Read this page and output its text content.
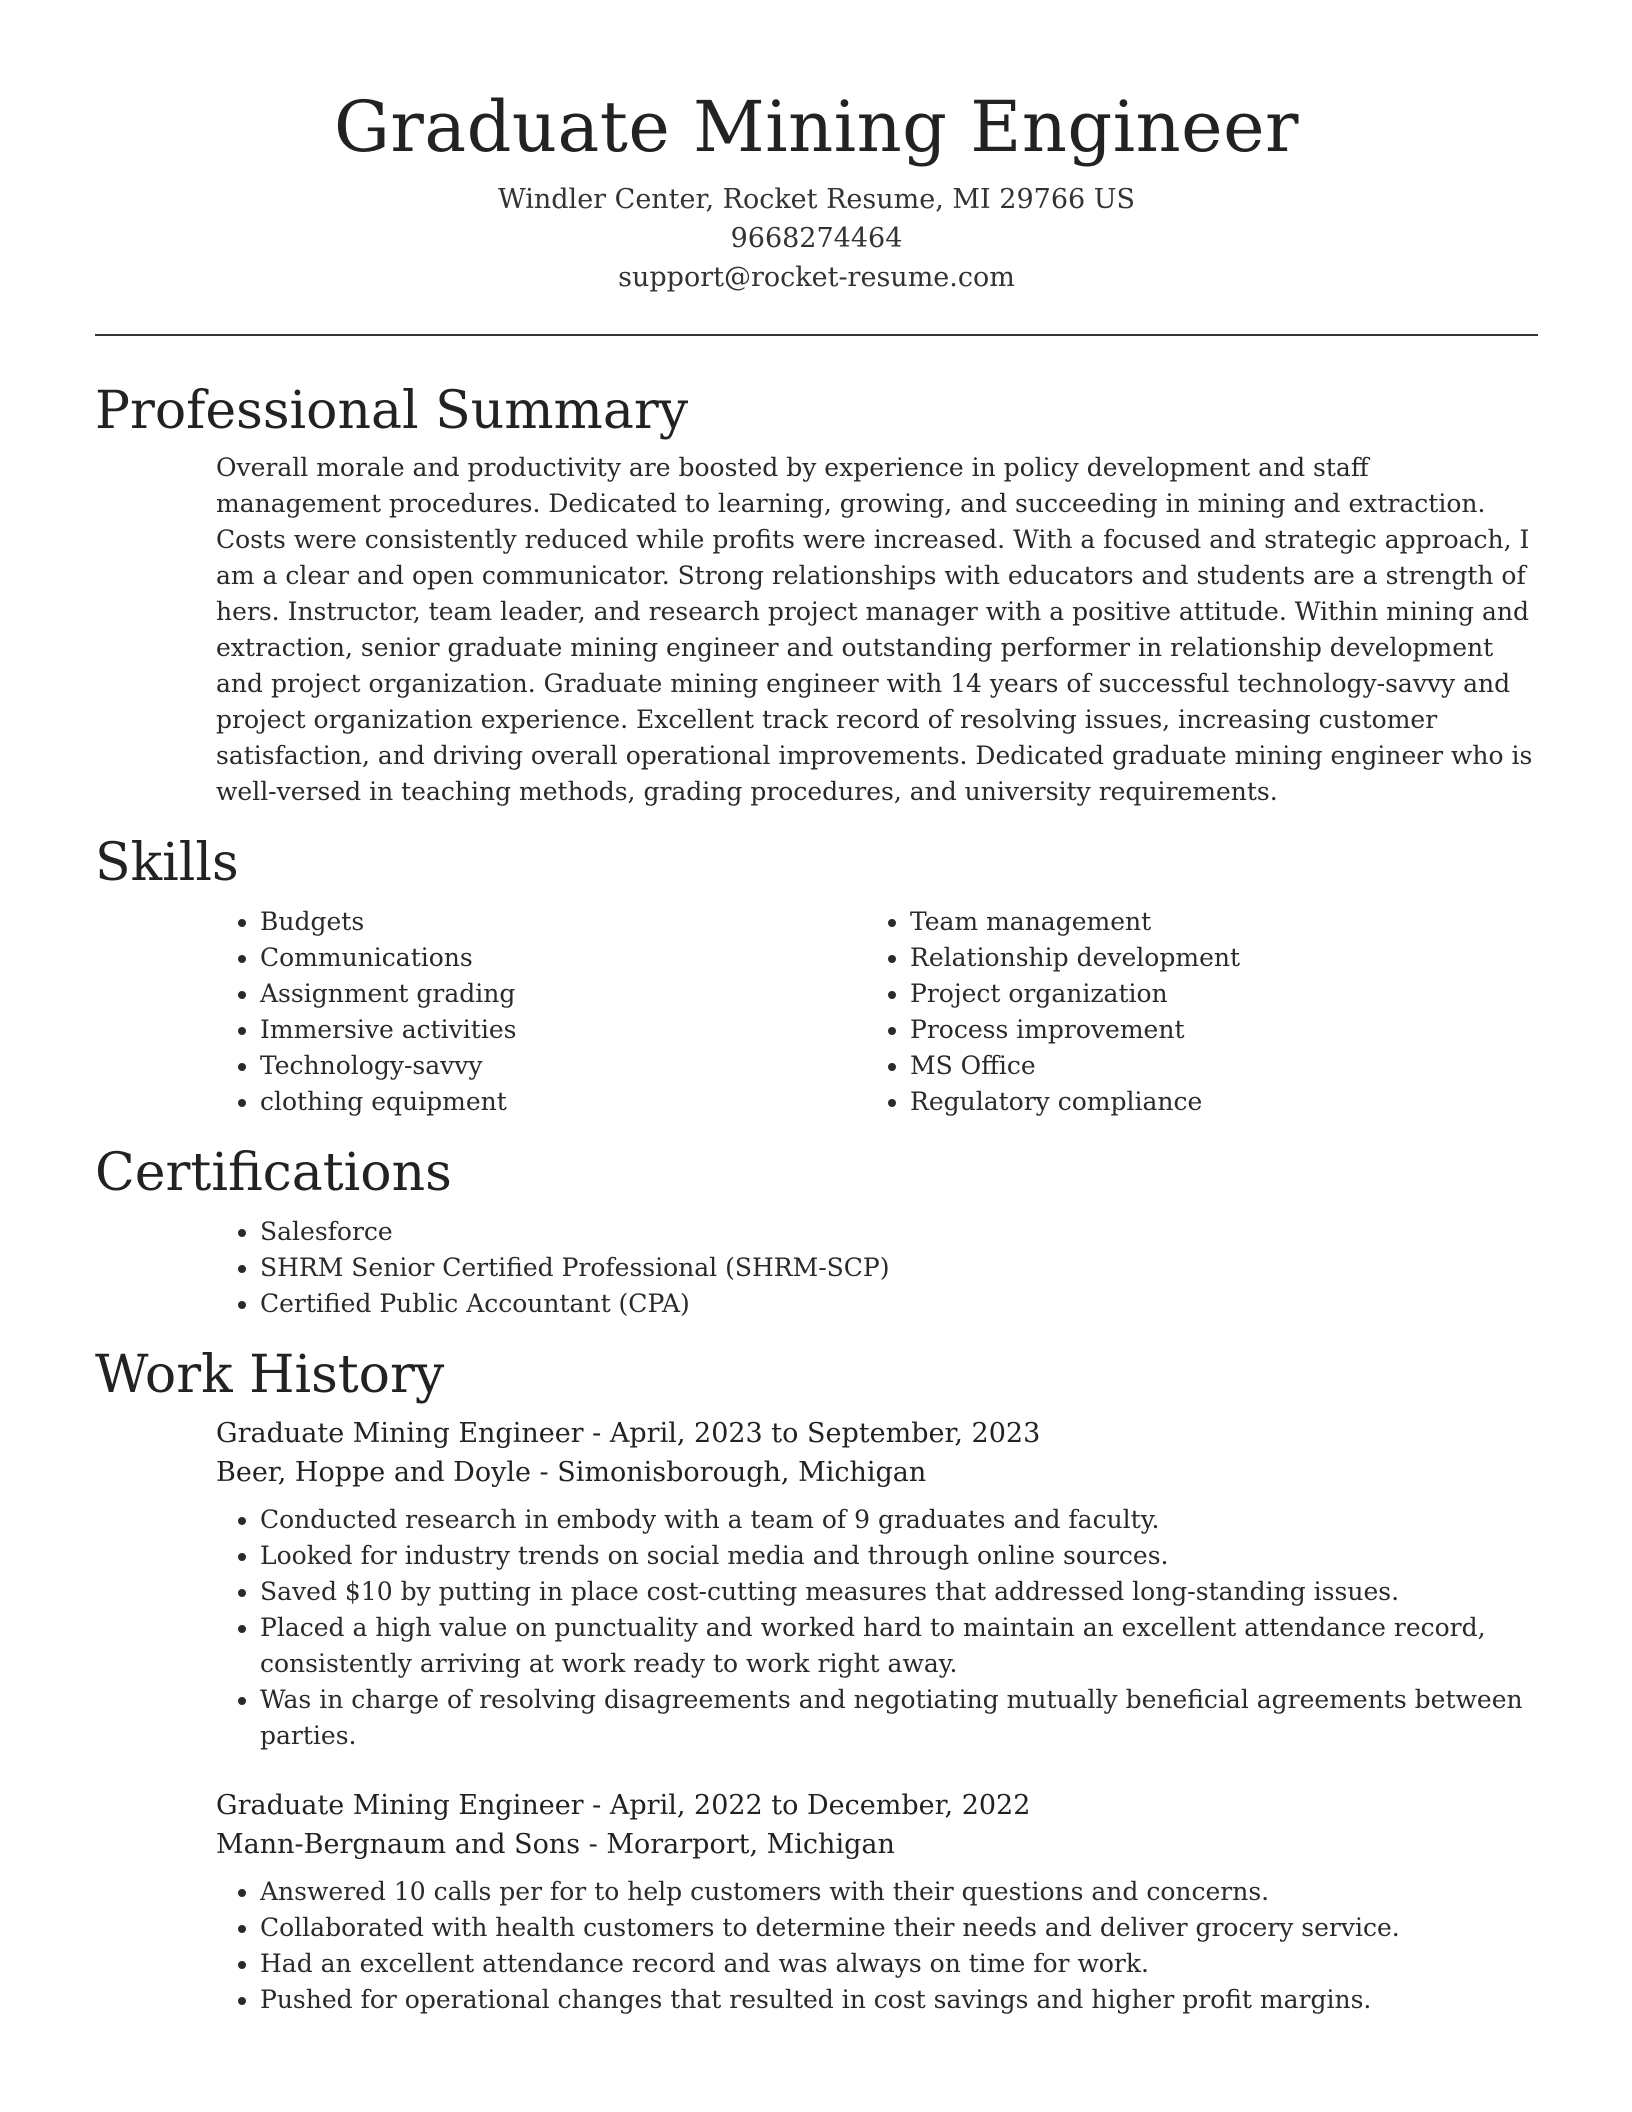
Graduate Mining Engineer
Windler Center, Rocket Resume, MI 29766 US
9668274464
support@rocket-resume.com
Professional Summary

Overall morale and productivity are boosted by experience in policy development and staff management procedures. Dedicated to learning, growing, and succeeding in mining and extraction. Costs were consistently reduced while profits were increased. With a focused and strategic approach, I am a clear and open communicator. Strong relationships with educators and students are a strength of hers. Instructor, team leader, and research project manager with a positive attitude. Within mining and extraction, senior graduate mining engineer and outstanding performer in relationship development and project organization. Graduate mining engineer with 14 years of successful technology-savvy and project organization experience. Excellent track record of resolving issues, increasing customer satisfaction, and driving overall operational improvements. Dedicated graduate mining engineer who is well-versed in teaching methods, grading procedures, and university requirements.

Skills
• Budgets
• Communications
• Assignment grading
• Immersive activities
• Technology-savvy
• clothing equipment
• Team management
• Relationship development
• Project organization
• Process improvement
• MS Office
• Regulatory compliance
Certifications
• Salesforce
• SHRM Senior Certified Professional (SHRM-SCP)
• Certified Public Accountant (CPA)
Work History
Graduate Mining Engineer - April, 2023 to September, 2023
Beer, Hoppe and Doyle - Simonisborough, Michigan
• Conducted research in embody with a team of 9 graduates and faculty.
• Looked for industry trends on social media and through online sources.
• Saved $10 by putting in place cost-cutting measures that addressed long-standing issues.
• Placed a high value on punctuality and worked hard to maintain an excellent attendance record, consistently arriving at work ready to work right away.
• Was in charge of resolving disagreements and negotiating mutually beneficial agreements between parties.
Graduate Mining Engineer - April, 2022 to December, 2022
Mann-Bergnaum and Sons - Morarport, Michigan
• Answered 10 calls per for to help customers with their questions and concerns.
• Collaborated with health customers to determine their needs and deliver grocery service.
• Had an excellent attendance record and was always on time for work.
• Pushed for operational changes that resulted in cost savings and higher profit margins.
